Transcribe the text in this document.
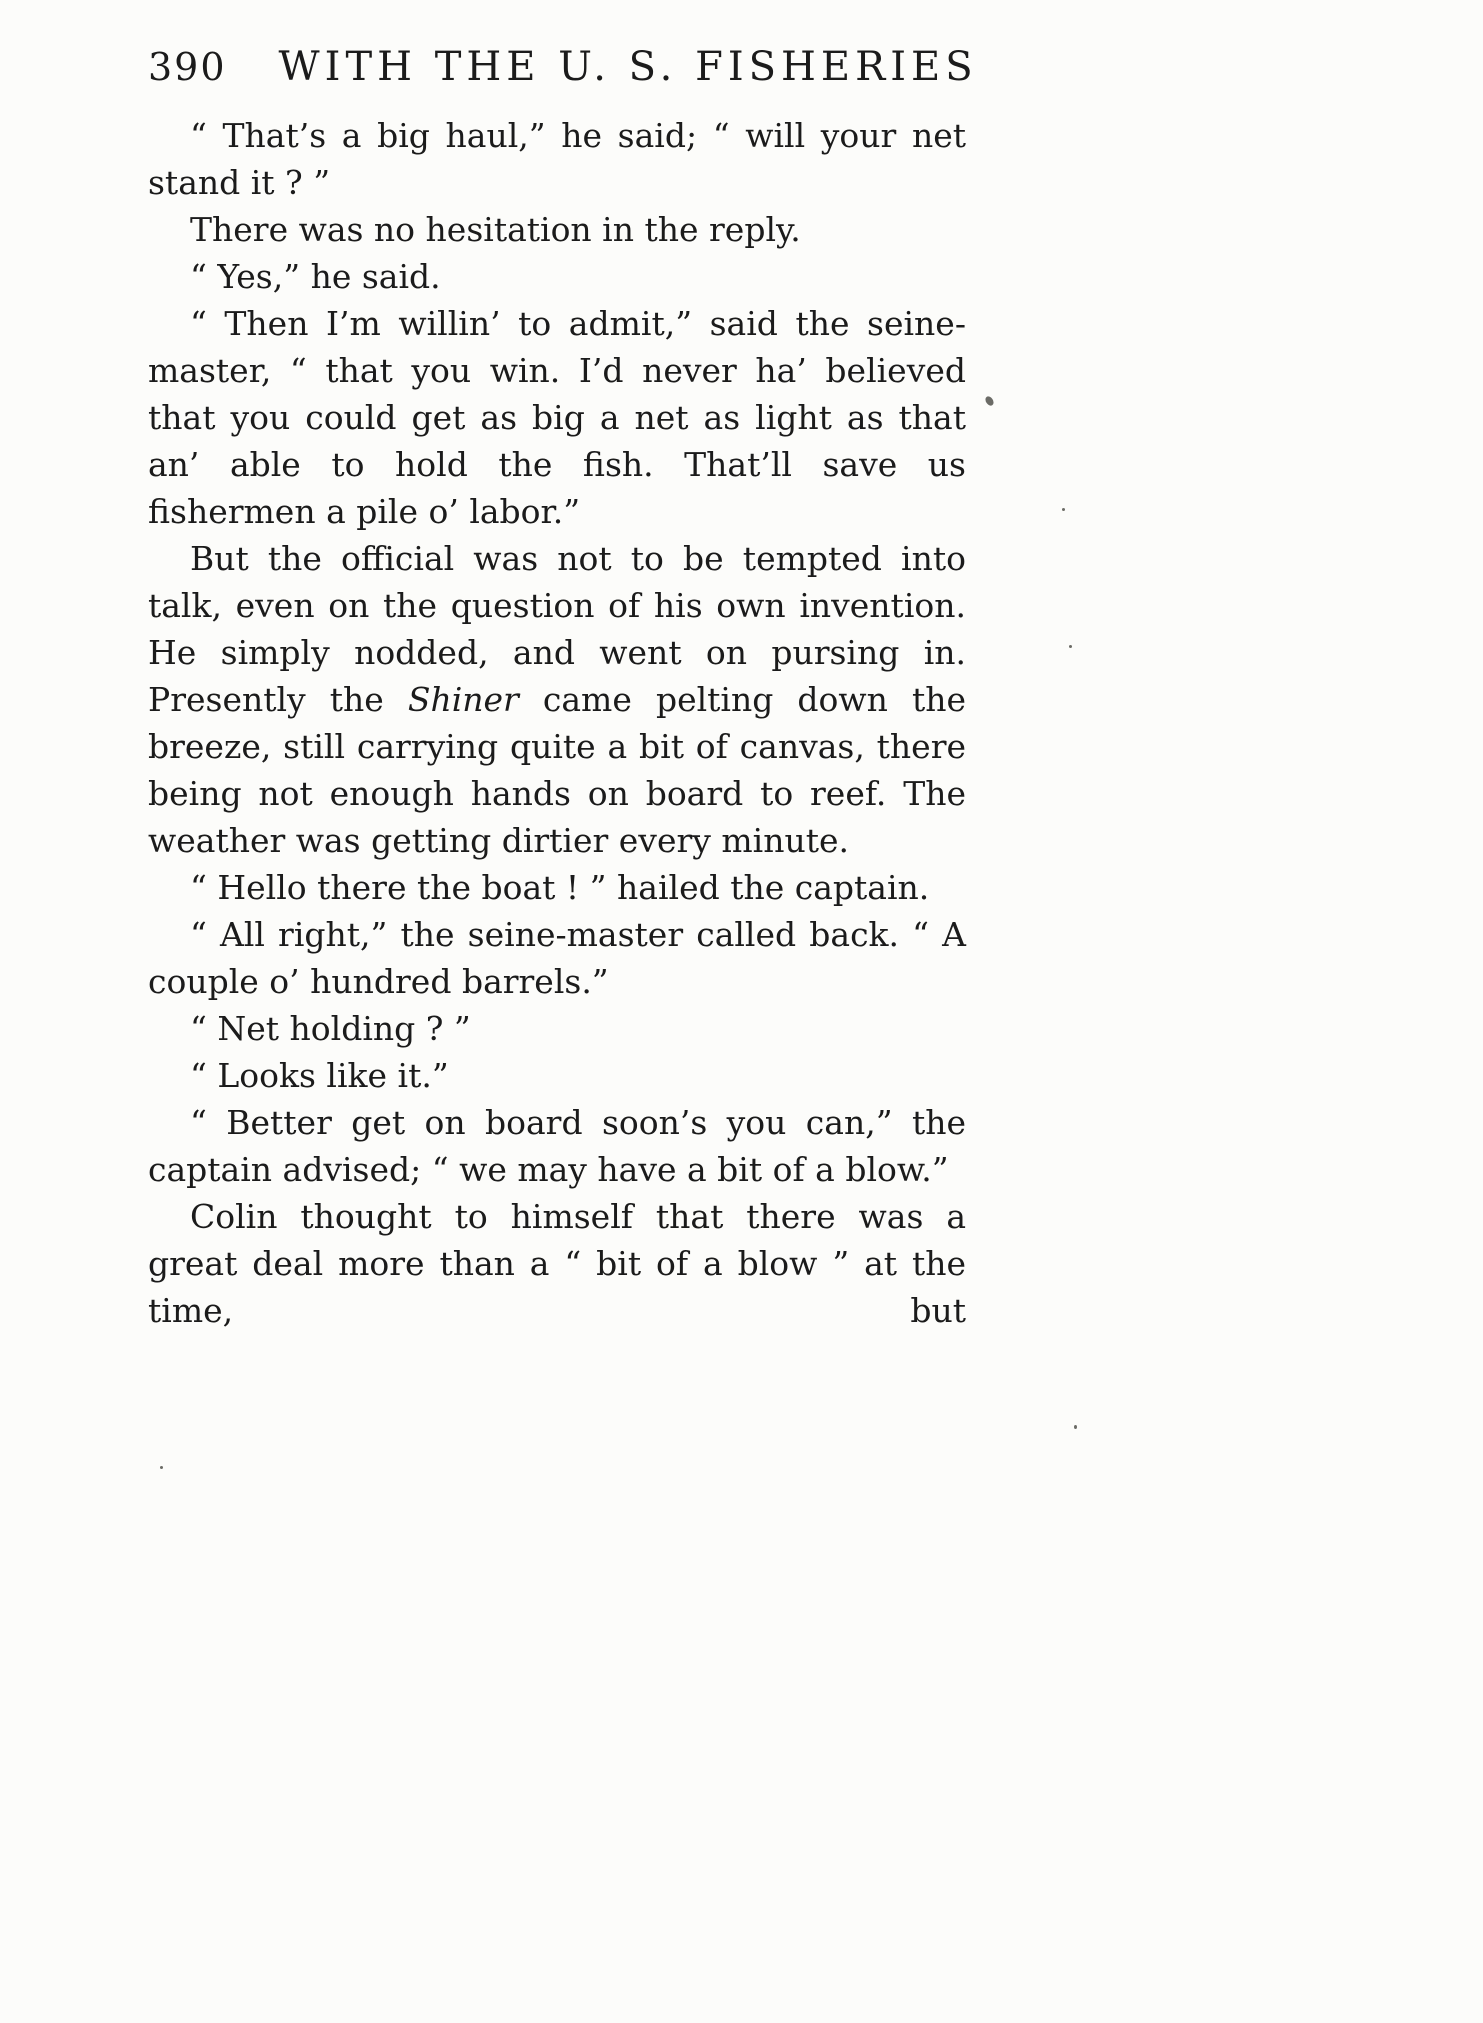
390 WITH THE U. S. FISHERIES

“ That’s a big haul,” he said; “ will your net stand it ? ”

There was no hesitation in the reply.

“ Yes,” he said.

“ Then I’m willin’ to admit,” said the seine-master, “ that you win. I’d never ha’ believed that you could get as big a net as light as that an’ able to hold the fish. That’ll save us fishermen a pile o’ labor.”

But the official was not to be tempted into talk, even on the question of his own invention. He simply nodded, and went on pursing in. Presently the Shiner came pelting down the breeze, still carrying quite a bit of canvas, there being not enough hands on board to reef. The weather was getting dirtier every minute.

“ Hello there the boat ! ” hailed the captain.

“ All right,” the seine-master called back. “ A couple o’ hundred barrels.”

“ Net holding ? ”

“ Looks like it.”

“ Better get on board soon’s you can,” the captain advised; “ we may have a bit of a blow.”

Colin thought to himself that there was a great deal more than a “ bit of a blow ” at the time, but
